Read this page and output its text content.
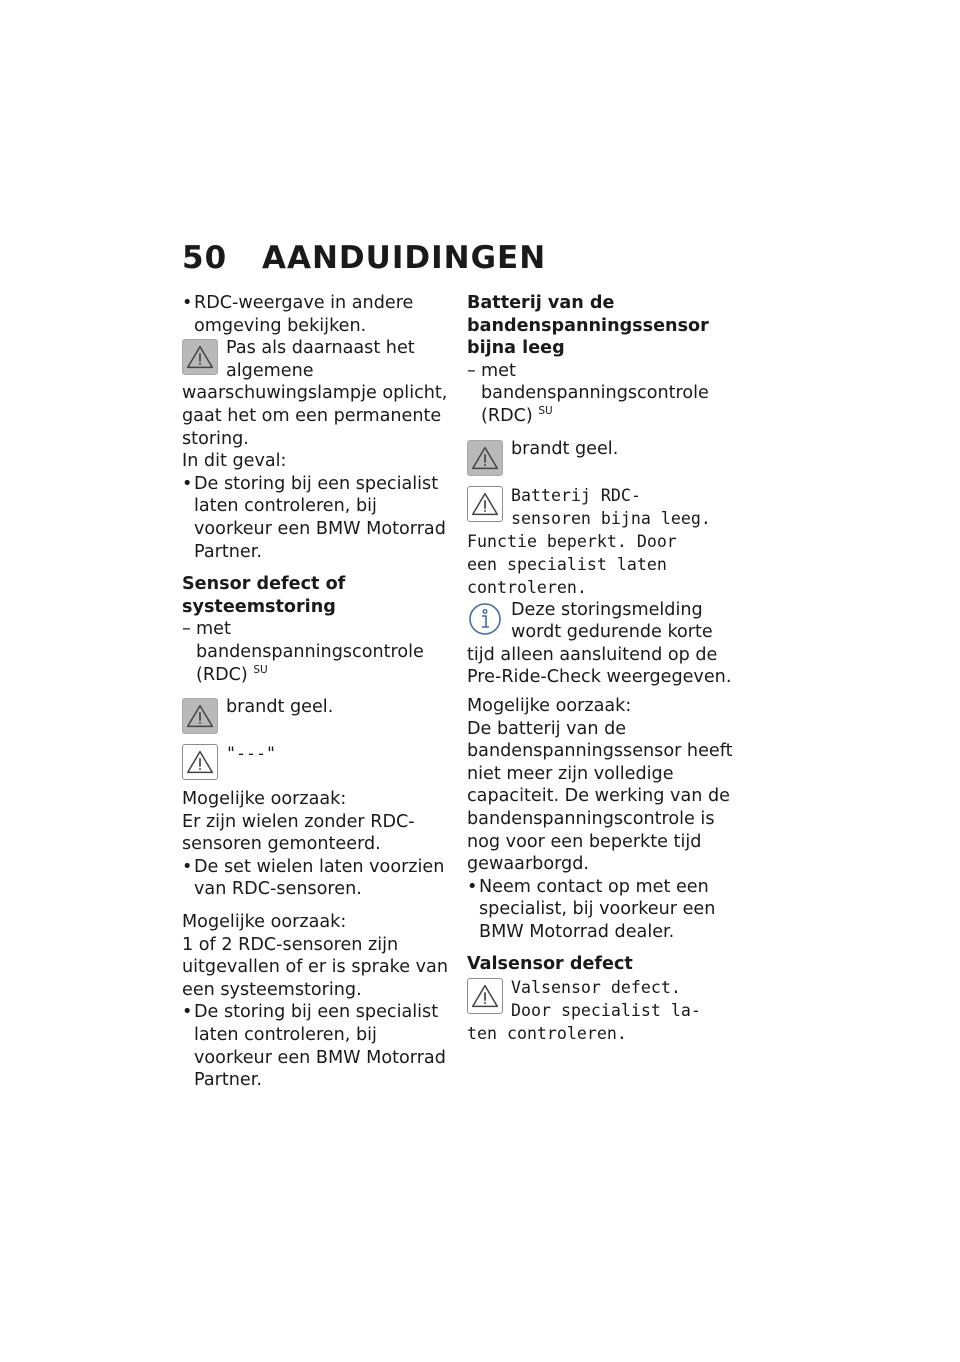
50 AANDUIDINGEN

• RDC-weergave in andere omgeving bekijken.

Pas als daarnaast het algemene waarschuwingslampje oplicht, gaat het om een permanente storing.

In dit geval:

• De storing bij een specialist laten controleren, bij voorkeur een BMW Motorrad Partner.

Sensor defect of systeemstoring

– met bandenspanningscontrole

(RDC) $^{SU}$

brandt geel.

"---"

Mogelijke oorzaak:

Er zijn wielen zonder RDC-sensoren gemonteerd.

• De set wielen laten voorzien van RDC-sensoren.

Mogelijke oorzaak:

1 of 2 RDC-sensoren zijn uitgevallen of er is sprake van een systeemstoring.

• De storing bij een specialist laten controleren, bij voorkeur een BMW Motorrad Partner.

Batterij van de bandenspanningssensor bijna leeg

– met bandenspanningscontrole

(RDC) $^{SU}$

brandt geel.

Batterij RDC-
sensoren bijna leeg.
Functie beperkt. Door
een specialist laten
controleren.
Deze storingsmelding
wordt gedurende korte

tijd alleen aansluitend op de Pre-Ride-Check weergegeven.

Mogelijke oorzaak:

De batterij van de bandenspanningssensor heeft niet meer zijn volledige capaciteit. De werking van de bandenspanningscontrole is nog voor een beperkte tijd gewaarborgd.

• Neem contact op met een specialist, bij voorkeur een BMW Motorrad dealer.

Valsensor defect

Valsensor defect.
Door specialist la-
ten controleren.
